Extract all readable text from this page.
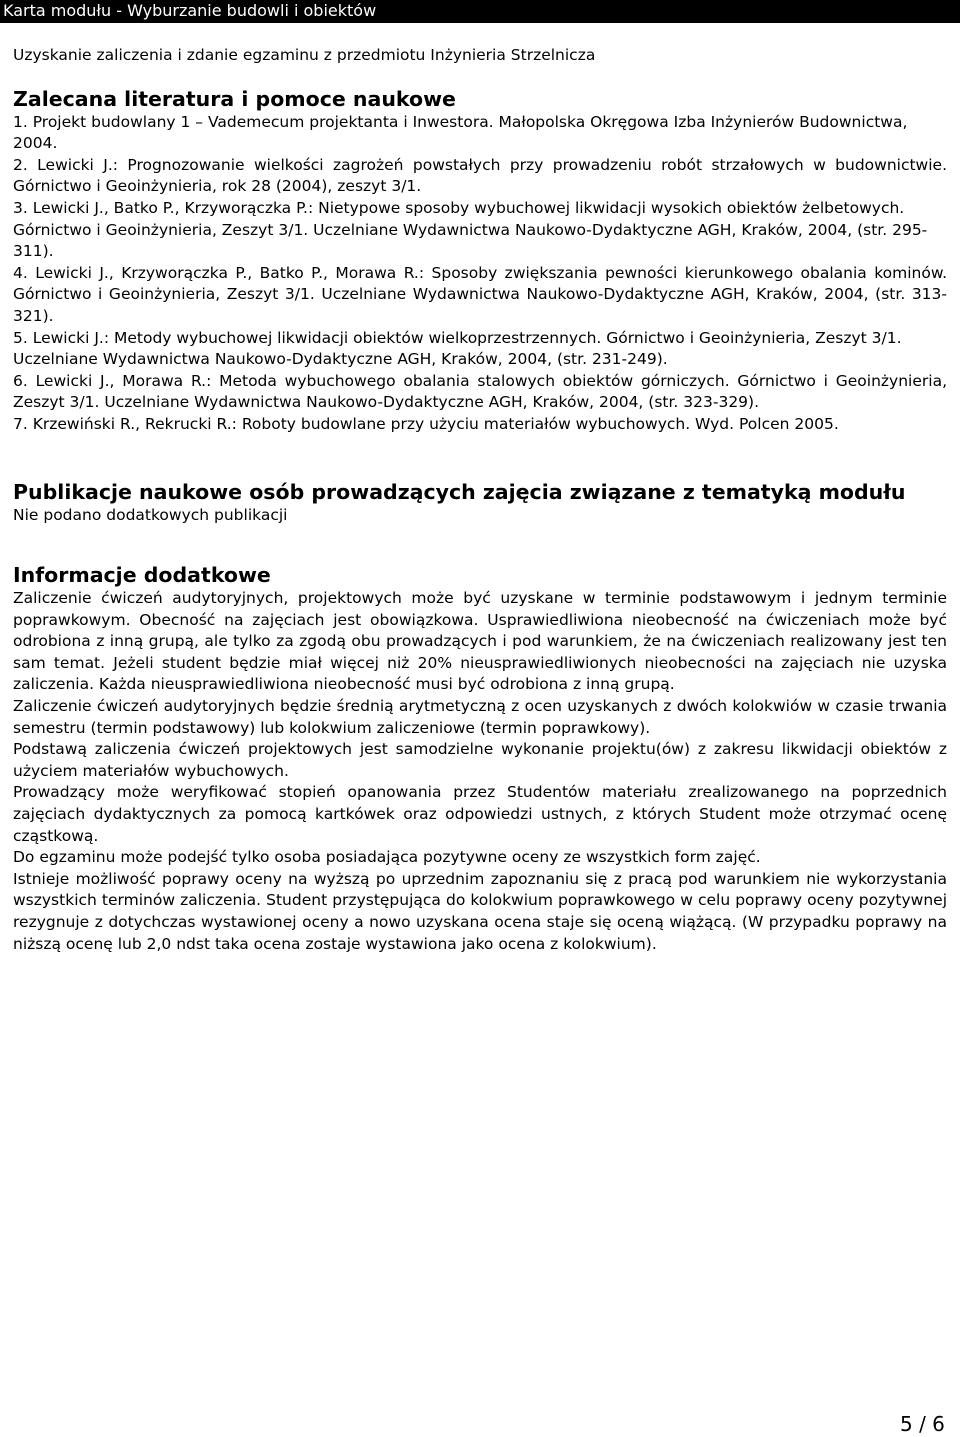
Karta modułu - Wyburzanie budowli i obiektów

Uzyskanie zaliczenia i zdanie egzaminu z przedmiotu Inżynieria Strzelnicza

Zalecana literatura i pomoce naukowe
1. Projekt budowlany 1 – Vademecum projektanta i Inwestora. Małopolska Okręgowa Izba Inżynierów Budownictwa, 2004.
2. Lewicki J.: Prognozowanie wielkości zagrożeń powstałych przy prowadzeniu robót strzałowych w budownictwie. Górnictwo i Geoinżynieria, rok 28 (2004), zeszyt 3/1.
3. Lewicki J., Batko P., Krzyworączka P.: Nietypowe sposoby wybuchowej likwidacji wysokich obiektów żelbetowych. Górnictwo i Geoinżynieria, Zeszyt 3/1. Uczelniane Wydawnictwa Naukowo-Dydaktyczne AGH, Kraków, 2004, (str. 295-311).
4. Lewicki J., Krzyworączka P., Batko P., Morawa R.: Sposoby zwiększania pewności kierunkowego obalania kominów. Górnictwo i Geoinżynieria, Zeszyt 3/1. Uczelniane Wydawnictwa Naukowo-Dydaktyczne AGH, Kraków, 2004, (str. 313-321).
5. Lewicki J.: Metody wybuchowej likwidacji obiektów wielkoprzestrzennych. Górnictwo i Geoinżynieria, Zeszyt 3/1. Uczelniane Wydawnictwa Naukowo-Dydaktyczne AGH, Kraków, 2004, (str. 231-249).
6. Lewicki J., Morawa R.: Metoda wybuchowego obalania stalowych obiektów górniczych. Górnictwo i Geoinżynieria, Zeszyt 3/1. Uczelniane Wydawnictwa Naukowo-Dydaktyczne AGH, Kraków, 2004, (str. 323-329).
7. Krzewiński R., Rekrucki R.: Roboty budowlane przy użyciu materiałów wybuchowych. Wyd. Polcen 2005.
Publikacje naukowe osób prowadzących zajęcia związane z tematyką modułu

Nie podano dodatkowych publikacji

Informacje dodatkowe

Zaliczenie ćwiczeń audytoryjnych, projektowych może być uzyskane w terminie podstawowym i jednym terminie poprawkowym. Obecność na zajęciach jest obowiązkowa. Usprawiedliwiona nieobecność na ćwiczeniach może być odrobiona z inną grupą, ale tylko za zgodą obu prowadzących i pod warunkiem, że na ćwiczeniach realizowany jest ten sam temat. Jeżeli student będzie miał więcej niż 20% nieusprawiedliwionych nieobecności na zajęciach nie uzyska zaliczenia. Każda nieusprawiedliwiona nieobecność musi być odrobiona z inną grupą.

Zaliczenie ćwiczeń audytoryjnych będzie średnią arytmetyczną z ocen uzyskanych z dwóch kolokwiów w czasie trwania semestru (termin podstawowy) lub kolokwium zaliczeniowe (termin poprawkowy).

Podstawą zaliczenia ćwiczeń projektowych jest samodzielne wykonanie projektu(ów) z zakresu likwidacji obiektów z użyciem materiałów wybuchowych.

Prowadzący może weryfikować stopień opanowania przez Studentów materiału zrealizowanego na poprzednich zajęciach dydaktycznych za pomocą kartkówek oraz odpowiedzi ustnych, z których Student może otrzymać ocenę cząstkową.

Do egzaminu może podejść tylko osoba posiadająca pozytywne oceny ze wszystkich form zajęć.

Istnieje możliwość poprawy oceny na wyższą po uprzednim zapoznaniu się z pracą pod warunkiem nie wykorzystania wszystkich terminów zaliczenia. Student przystępująca do kolokwium poprawkowego w celu poprawy oceny pozytywnej rezygnuje z dotychczas wystawionej oceny a nowo uzyskana ocena staje się oceną wiążącą. (W przypadku poprawy na niższą ocenę lub 2,0 ndst taka ocena zostaje wystawiona jako ocena z kolokwium).

5 / 6
